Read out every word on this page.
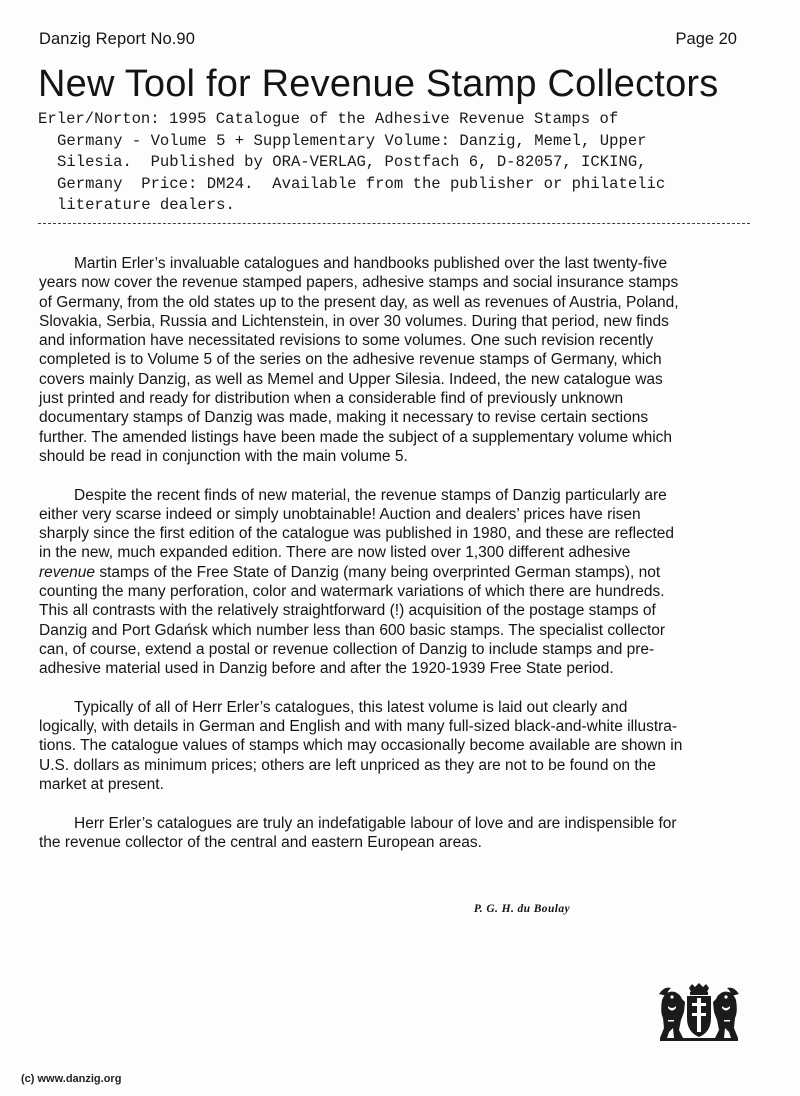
Danzig Report No.90	Page 20
New Tool for Revenue Stamp Collectors
Erler/Norton: 1995 Catalogue of the Adhesive Revenue Stamps of
Germany - Volume 5 + Supplementary Volume: Danzig, Memel, Upper
Silesia.  Published by ORA-VERLAG, Postfach 6, D-82057, ICKING,
Germany  Price: DM24.  Available from the publisher or philatelic
literature dealers.

Martin Erler’s invaluable catalogues and handbooks published over the last twenty-five
years now cover the revenue stamped papers, adhesive stamps and social insurance stamps
of Germany, from the old states up to the present day, as well as revenues of Austria, Poland,
Slovakia, Serbia, Russia and Lichtenstein, in over 30 volumes. During that period, new finds
and information have necessitated revisions to some volumes. One such revision recently
completed is to Volume 5 of the series on the adhesive revenue stamps of Germany, which
covers mainly Danzig, as well as Memel and Upper Silesia. Indeed, the new catalogue was
just printed and ready for distribution when a considerable find of previously unknown
documentary stamps of Danzig was made, making it necessary to revise certain sections
further. The amended listings have been made the subject of a supplementary volume which
should be read in conjunction with the main volume 5.

Despite the recent finds of new material, the revenue stamps of Danzig particularly are
either very scarse indeed or simply unobtainable! Auction and dealers’ prices have risen
sharply since the first edition of the catalogue was published in 1980, and these are reflected
in the new, much expanded edition. There are now listed over 1,300 different adhesive
revenue stamps of the Free State of Danzig (many being overprinted German stamps), not
counting the many perforation, color and watermark variations of which there are hundreds.
This all contrasts with the relatively straightforward (!) acquisition of the postage stamps of
Danzig and Port Gdańsk which number less than 600 basic stamps. The specialist collector
can, of course, extend a postal or revenue collection of Danzig to include stamps and pre-
adhesive material used in Danzig before and after the 1920-1939 Free State period.

Typically of all of Herr Erler’s catalogues, this latest volume is laid out clearly and
logically, with details in German and English and with many full-sized black-and-white illustra-
tions. The catalogue values of stamps which may occasionally become available are shown in
U.S. dollars as minimum prices; others are left unpriced as they are not to be found on the
market at present.

Herr Erler’s catalogues are truly an indefatigable labour of love and are indispensible for
the revenue collector of the central and eastern European areas.

P. G. H. du Boulay
(c) www.danzig.org
